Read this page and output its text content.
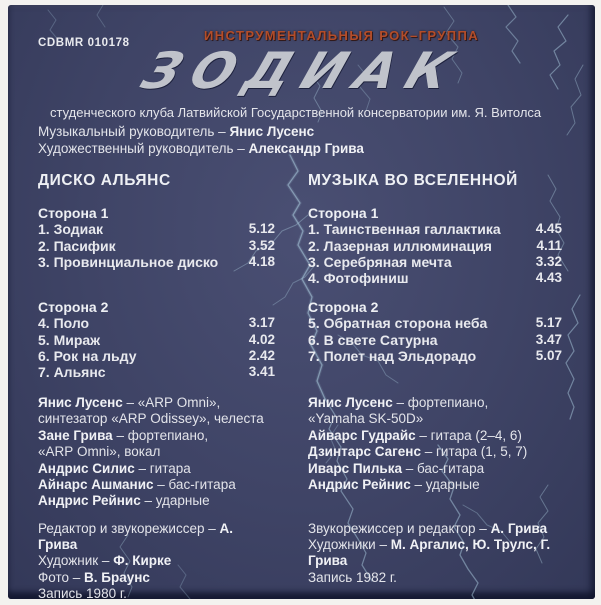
CDBMR 010178	ИНСТРУМЕНТАЛЬНЫЯ РОК–ГРУППА
ЗОДИАК
студенческого клуба Латвийской Государственной консерватории им. Я. Витолса
Музыкальный руководитель – Янис Лусенс
Художественный руководитель – Александр Грива
ДИСКО АЛЬЯНС
Сторона 1
1. Зодиак	5.12
2. Пасифик	3.52
3. Провинциальное диско 4.18
Сторона 2
4. Поло	3.17
5. Мираж	4.02
6. Рок на льду	2.42
7. Альянс	3.41
Янис Лусенс – «ARP Omni», синтезатор «ARP Odissey», челеста
Зане Грива – фортепиано, «ARP Omni», вокал
Андрис Силис – гитара
Айнарс Ашманис – бас-гитара
Андрис Рейнис – ударные
Редактор и звукорежиссер – А. Грива
Художник – Ф. Кирке
Фото – В. Браунс
Запись 1980 г.
МУЗЫКА ВО ВСЕЛЕННОЙ
Сторона 1
1. Таинственная галлактика	4.45
2. Лазерная иллюминация	4.11
3. Серебряная мечта	3.32
4. Фотофиниш	4.43
Сторона 2
5. Обратная сторона неба	5.17
6. В свете Сатурна	3.47
7. Полет над Эльдорадо	5.07
Янис Лусенс – фортепиано, «Yamaha SK-50D»
Айварс Гудрайс – гитара (2–4, 6)
Дзинтарс Сагенс – гитара (1, 5, 7)
Иварс Пилька – бас-гитара
Андрис Рейнис – ударные
Звукорежиссер и редактор – А. Грива
Художники – М. Аргалис, Ю. Трулс, Г. Грива
Запись 1982 г.
